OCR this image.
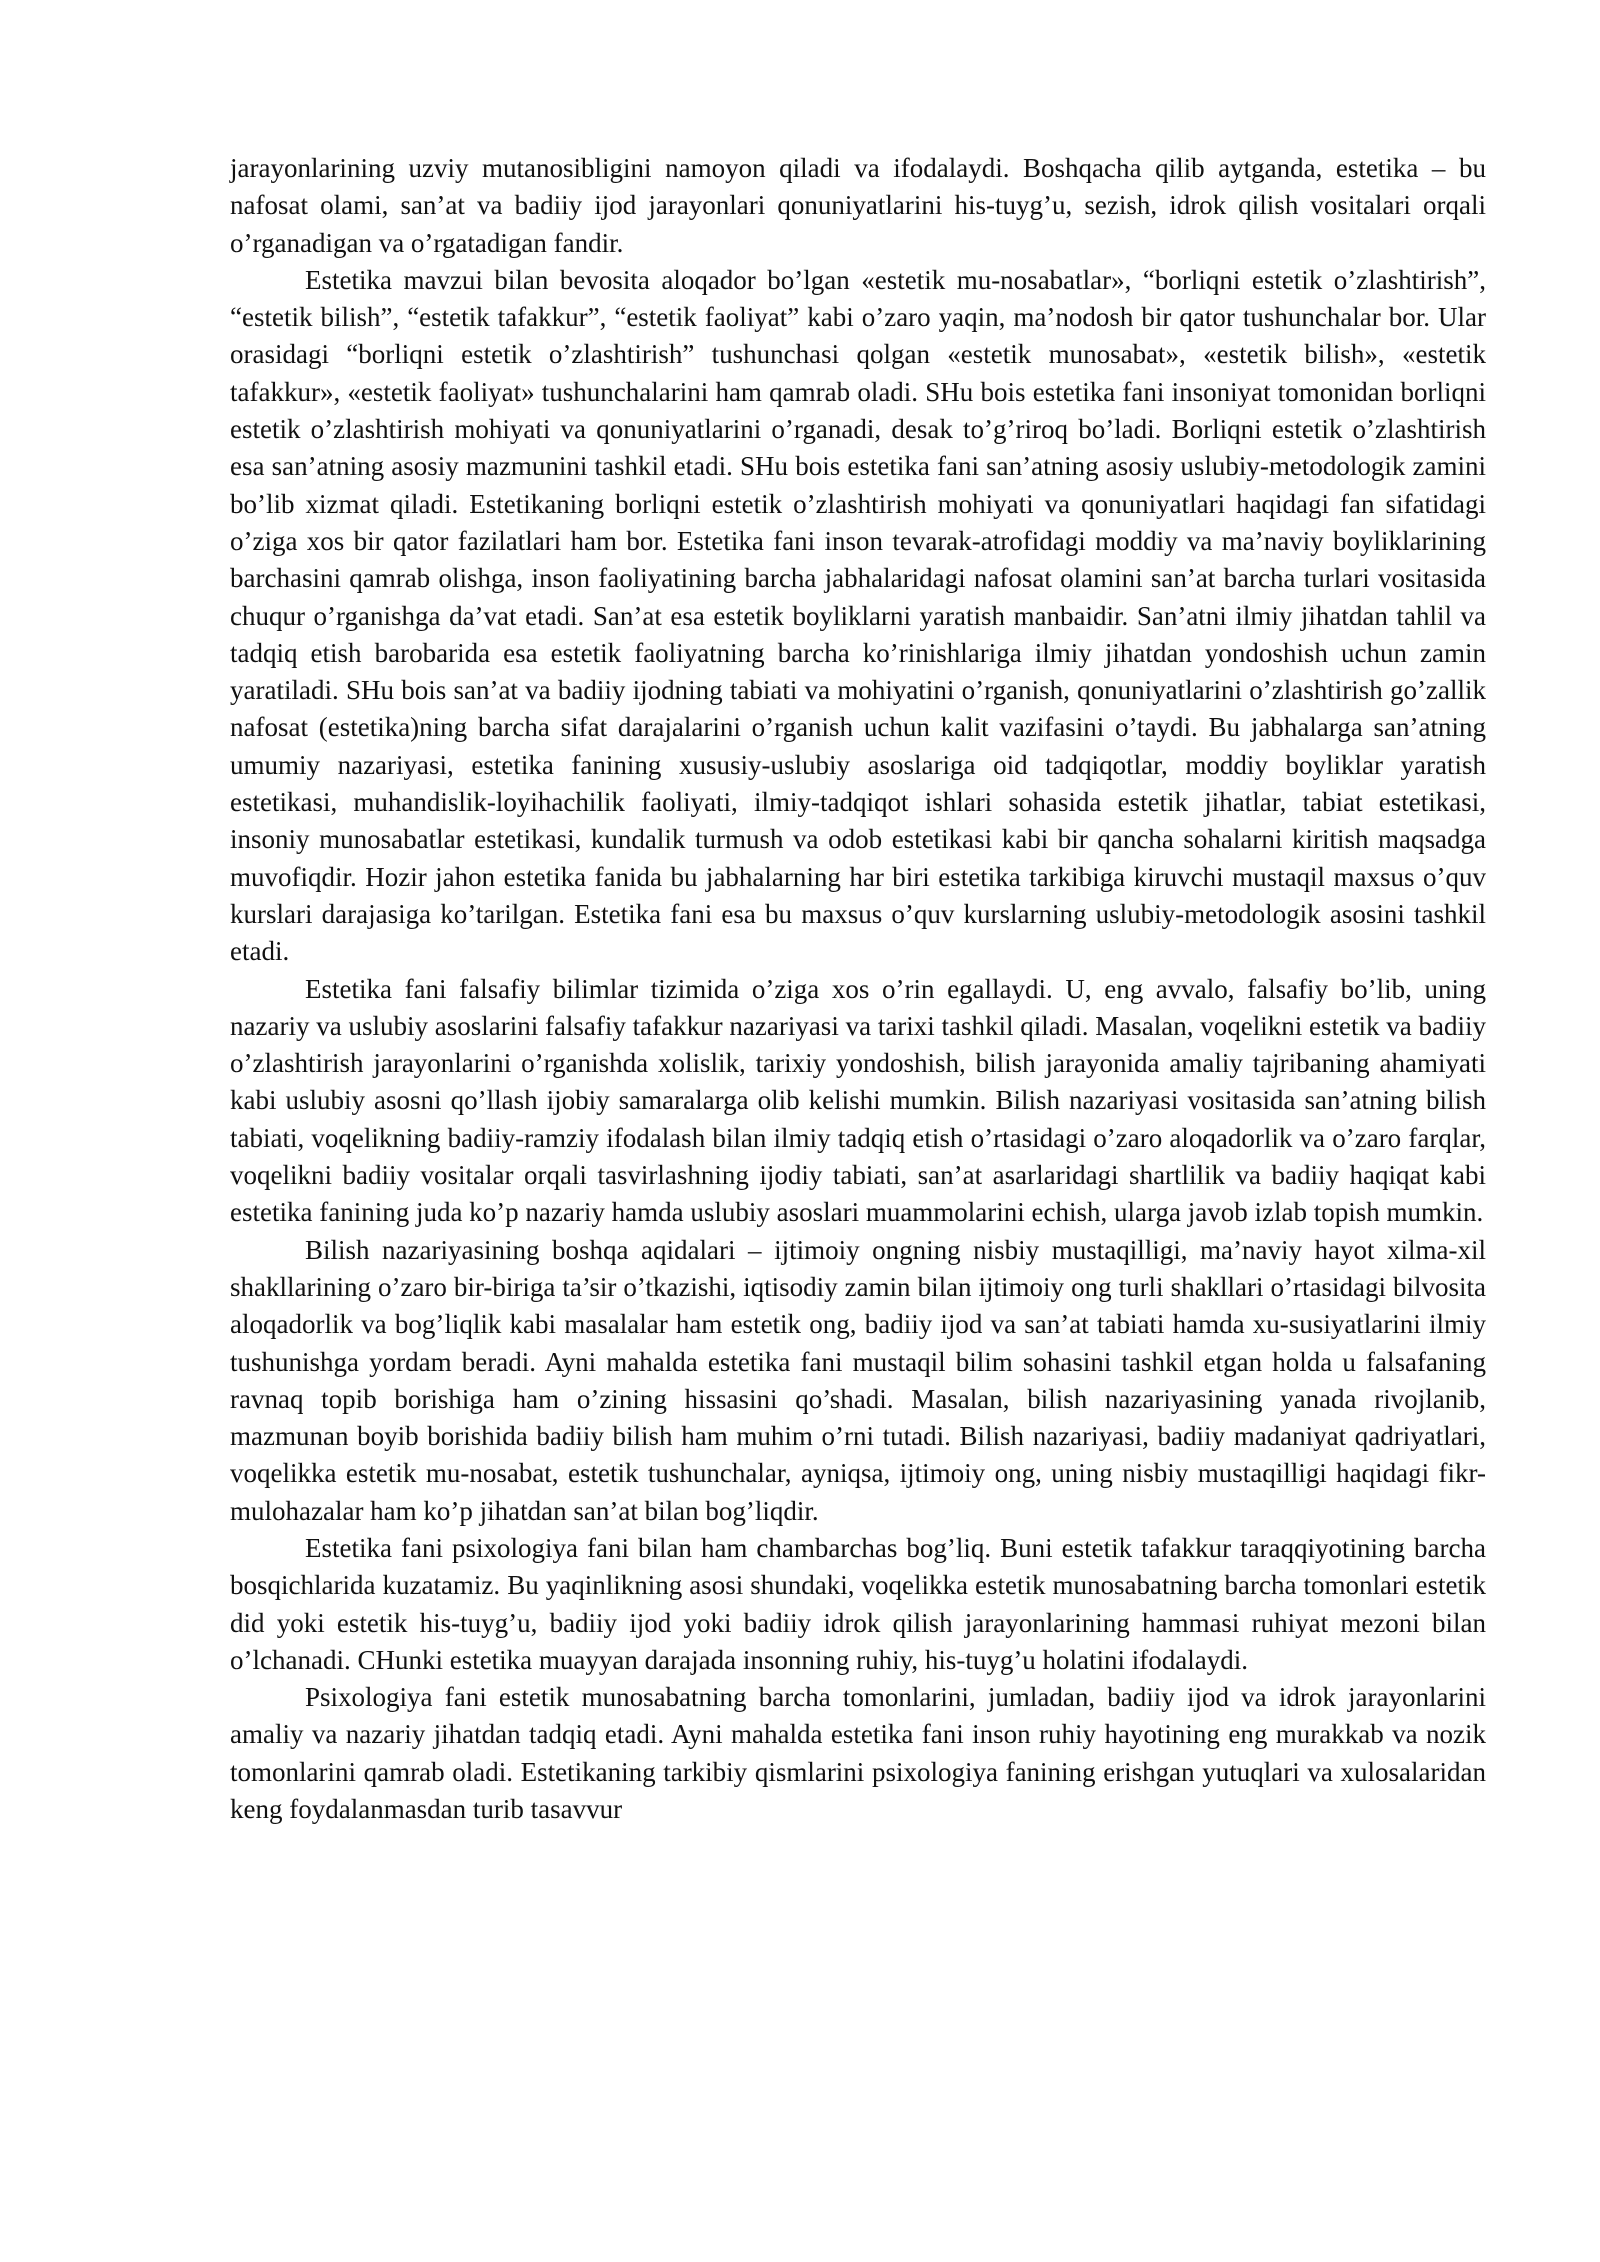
jarayonlarining uzviy mutanosibligini namoyon qiladi va ifodalaydi. Boshqacha qilib aytganda, estetika – bu nafosat olami, san’at va badiiy ijod jarayonlari qonuniyatlarini his-tuyg’u, sezish, idrok qilish vositalari orqali o’rganadigan va o’rgatadigan fandir.

Estetika mavzui bilan bevosita aloqador bo’lgan «estetik mu-nosabatlar», “borliqni estetik o’zlashtirish”, “estetik bilish”, “estetik tafakkur”, “estetik faoliyat” kabi o’zaro yaqin, ma’nodosh bir qator tushunchalar bor. Ular orasidagi “borliqni estetik o’zlashtirish” tushunchasi qolgan «estetik munosabat», «estetik bilish», «estetik tafakkur», «estetik faoliyat» tushunchalarini ham qamrab oladi. SHu bois estetika fani insoniyat tomonidan borliqni estetik o’zlashtirish mohiyati va qonuniyatlarini o’rganadi, desak to’g’riroq bo’ladi. Borliqni estetik o’zlashtirish esa san’atning asosiy mazmunini tashkil etadi. SHu bois estetika fani san’atning asosiy uslubiy-metodologik zamini bo’lib xizmat qiladi. Estetikaning borliqni estetik o’zlashtirish mohiyati va qonuniyatlari haqidagi fan sifatidagi o’ziga xos bir qator fazilatlari ham bor. Estetika fani inson tevarak-atrofidagi moddiy va ma’naviy boyliklarining barchasini qamrab olishga, inson faoliyatining barcha jabhalaridagi nafosat olamini san’at barcha turlari vositasida chuqur o’rganishga da’vat etadi. San’at esa estetik boyliklarni yaratish manbaidir. San’atni ilmiy jihatdan tahlil va tadqiq etish barobarida esa estetik faoliyatning barcha ko’rinishlariga ilmiy jihatdan yondoshish uchun zamin yaratiladi. SHu bois san’at va badiiy ijodning tabiati va mohiyatini o’rganish, qonuniyatlarini o’zlashtirish go’zallik nafosat (estetika)ning barcha sifat darajalarini o’rganish uchun kalit vazifasini o’taydi. Bu jabhalarga san’atning umumiy nazariyasi, estetika fanining xususiy-uslubiy asoslariga oid tadqiqotlar, moddiy boyliklar yaratish estetikasi, muhandislik-loyihachilik faoliyati, ilmiy-tadqiqot ishlari sohasida estetik jihatlar, tabiat estetikasi, insoniy munosabatlar estetikasi, kundalik turmush va odob estetikasi kabi bir qancha sohalarni kiritish maqsadga muvofiqdir. Hozir jahon estetika fanida bu jabhalarning har biri estetika tarkibiga kiruvchi mustaqil maxsus o’quv kurslari darajasiga ko’tarilgan. Estetika fani esa bu maxsus o’quv kurslarning uslubiy-metodologik asosini tashkil etadi.

Estetika fani falsafiy bilimlar tizimida o’ziga xos o’rin egallaydi. U, eng avvalo, falsafiy bo’lib, uning nazariy va uslubiy asoslarini falsafiy tafakkur nazariyasi va tarixi tashkil qiladi. Masalan, voqelikni estetik va badiiy o’zlashtirish jarayonlarini o’rganishda xolislik, tarixiy yondoshish, bilish jarayonida amaliy tajribaning ahamiyati kabi uslubiy asosni qo’llash ijobiy samaralarga olib kelishi mumkin. Bilish nazariyasi vositasida san’atning bilish tabiati, voqelikning badiiy-ramziy ifodalash bilan ilmiy tadqiq etish o’rtasidagi o’zaro aloqadorlik va o’zaro farqlar, voqelikni badiiy vositalar orqali tasvirlashning ijodiy tabiati, san’at asarlaridagi shartlilik va badiiy haqiqat kabi estetika fanining juda ko’p nazariy hamda uslubiy asoslari muammolarini echish, ularga javob izlab topish mumkin.

Bilish nazariyasining boshqa aqidalari – ijtimoiy ongning nisbiy mustaqilligi, ma’naviy hayot xilma-xil shakllarining o’zaro bir-biriga ta’sir o’tkazishi, iqtisodiy zamin bilan ijtimoiy ong turli shakllari o’rtasidagi bilvosita aloqadorlik va bog’liqlik kabi masalalar ham estetik ong, badiiy ijod va san’at tabiati hamda xu-susiyatlarini ilmiy tushunishga yordam beradi. Ayni mahalda estetika fani mustaqil bilim sohasini tashkil etgan holda u falsafaning ravnaq topib borishiga ham o’zining hissasini qo’shadi. Masalan, bilish nazariyasining yanada rivojlanib, mazmunan boyib borishida badiiy bilish ham muhim o’rni tutadi. Bilish nazariyasi, badiiy madaniyat qadriyatlari, voqelikka estetik mu-nosabat, estetik tushunchalar, ayniqsa, ijtimoiy ong, uning nisbiy mustaqilligi haqidagi fikr-mulohazalar ham ko’p jihatdan san’at bilan bog’liqdir.

Estetika fani psixologiya fani bilan ham chambarchas bog’liq. Buni estetik tafakkur taraqqiyotining barcha bosqichlarida kuzatamiz. Bu yaqinlikning asosi shundaki, voqelikka estetik munosabatning barcha tomonlari estetik did yoki estetik his-tuyg’u, badiiy ijod yoki badiiy idrok qilish jarayonlarining hammasi ruhiyat mezoni bilan o’lchanadi. CHunki estetika muayyan darajada insonning ruhiy, his-tuyg’u holatini ifodalaydi.

Psixologiya fani estetik munosabatning barcha tomonlarini, jumladan, badiiy ijod va idrok jarayonlarini amaliy va nazariy jihatdan tadqiq etadi. Ayni mahalda estetika fani inson ruhiy hayotining eng murakkab va nozik tomonlarini qamrab oladi. Estetikaning tarkibiy qismlarini psixologiya fanining erishgan yutuqlari va xulosalaridan keng foydalanmasdan turib tasavvur
